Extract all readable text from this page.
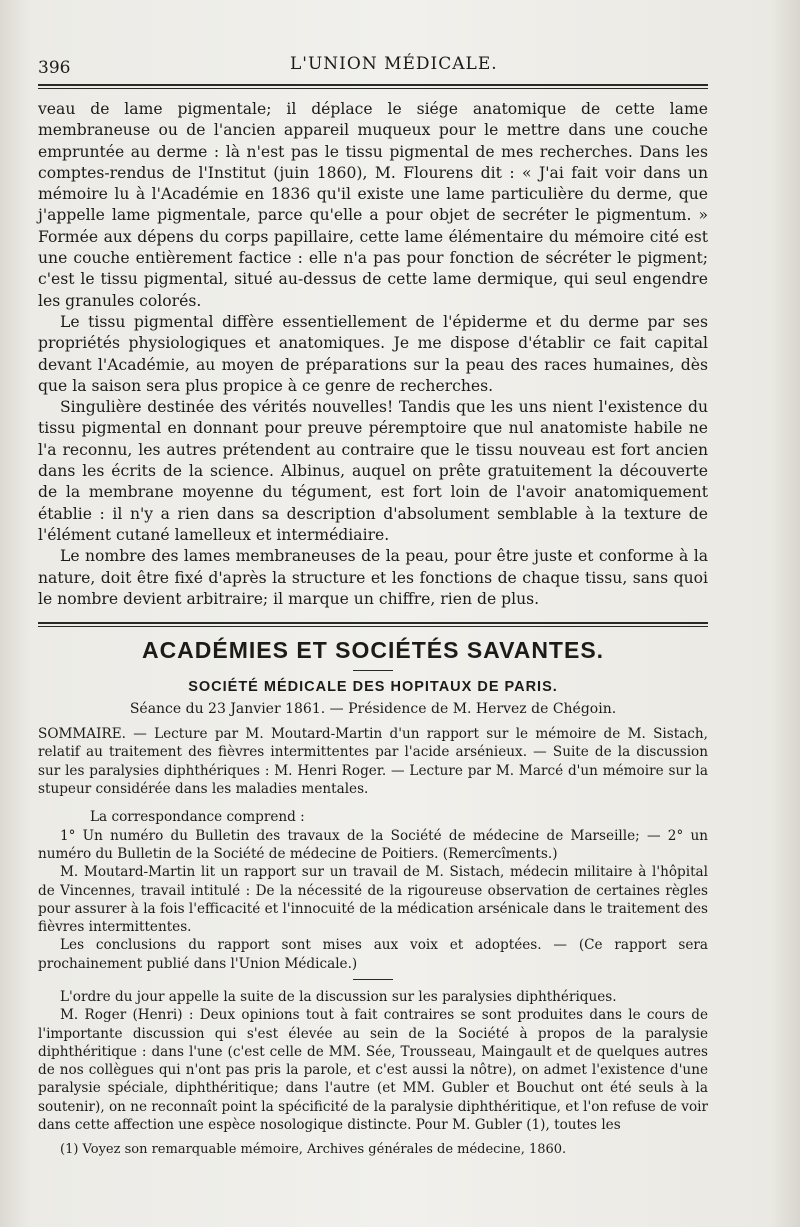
396	L'UNION MÉDICALE.

veau de lame pigmentale; il déplace le siége anatomique de cette lame membraneuse ou de l'ancien appareil muqueux pour le mettre dans une couche empruntée au derme : là n'est pas le tissu pigmental de mes recherches. Dans les comptes-rendus de l'Institut (juin 1860), M. Flourens dit : « J'ai fait voir dans un mémoire lu à l'Académie en 1836 qu'il existe une lame particulière du derme, que j'appelle lame pigmentale, parce qu'elle a pour objet de secréter le pigmentum. » Formée aux dépens du corps papillaire, cette lame élémentaire du mémoire cité est une couche entièrement factice : elle n'a pas pour fonction de sécréter le pigment; c'est le tissu pigmental, situé au-dessus de cette lame dermique, qui seul engendre les granules colorés.

Le tissu pigmental diffère essentiellement de l'épiderme et du derme par ses propriétés physiologiques et anatomiques. Je me dispose d'établir ce fait capital devant l'Académie, au moyen de préparations sur la peau des races humaines, dès que la saison sera plus propice à ce genre de recherches.

Singulière destinée des vérités nouvelles! Tandis que les uns nient l'existence du tissu pigmental en donnant pour preuve péremptoire que nul anatomiste habile ne l'a reconnu, les autres prétendent au contraire que le tissu nouveau est fort ancien dans les écrits de la science. Albinus, auquel on prête gratuitement la découverte de la membrane moyenne du tégument, est fort loin de l'avoir anatomiquement établie : il n'y a rien dans sa description d'absolument semblable à la texture de l'élément cutané lamelleux et intermédiaire.

Le nombre des lames membraneuses de la peau, pour être juste et conforme à la nature, doit être fixé d'après la structure et les fonctions de chaque tissu, sans quoi le nombre devient arbitraire; il marque un chiffre, rien de plus.

ACADÉMIES ET SOCIÉTÉS SAVANTES.
SOCIÉTÉ MÉDICALE DES HOPITAUX DE PARIS.
Séance du 23 Janvier 1861. — Présidence de M. Hervez de Chégoin.

SOMMAIRE. — Lecture par M. Moutard-Martin d'un rapport sur le mémoire de M. Sistach, relatif au traitement des fièvres intermittentes par l'acide arsénieux. — Suite de la discussion sur les paralysies diphthériques : M. Henri Roger. — Lecture par M. Marcé d'un mémoire sur la stupeur considérée dans les maladies mentales.

La correspondance comprend :

1° Un numéro du Bulletin des travaux de la Société de médecine de Marseille; — 2° un numéro du Bulletin de la Société de médecine de Poitiers. (Remercîments.)

M. Moutard-Martin lit un rapport sur un travail de M. Sistach, médecin militaire à l'hôpital de Vincennes, travail intitulé : De la nécessité de la rigoureuse observation de certaines règles pour assurer à la fois l'efficacité et l'innocuité de la médication arsénicale dans le traitement des fièvres intermittentes.

Les conclusions du rapport sont mises aux voix et adoptées. — (Ce rapport sera prochainement publié dans l'Union Médicale.)

L'ordre du jour appelle la suite de la discussion sur les paralysies diphthériques.

M. Roger (Henri) : Deux opinions tout à fait contraires se sont produites dans le cours de l'importante discussion qui s'est élevée au sein de la Société à propos de la paralysie diphthéritique : dans l'une (c'est celle de MM. Sée, Trousseau, Maingault et de quelques autres de nos collègues qui n'ont pas pris la parole, et c'est aussi la nôtre), on admet l'existence d'une paralysie spéciale, diphthéritique; dans l'autre (et MM. Gubler et Bouchut ont été seuls à la soutenir), on ne reconnaît point la spécificité de la paralysie diphthéritique, et l'on refuse de voir dans cette affection une espèce nosologique distincte. Pour M. Gubler (1), toutes les

(1) Voyez son remarquable mémoire, Archives générales de médecine, 1860.
